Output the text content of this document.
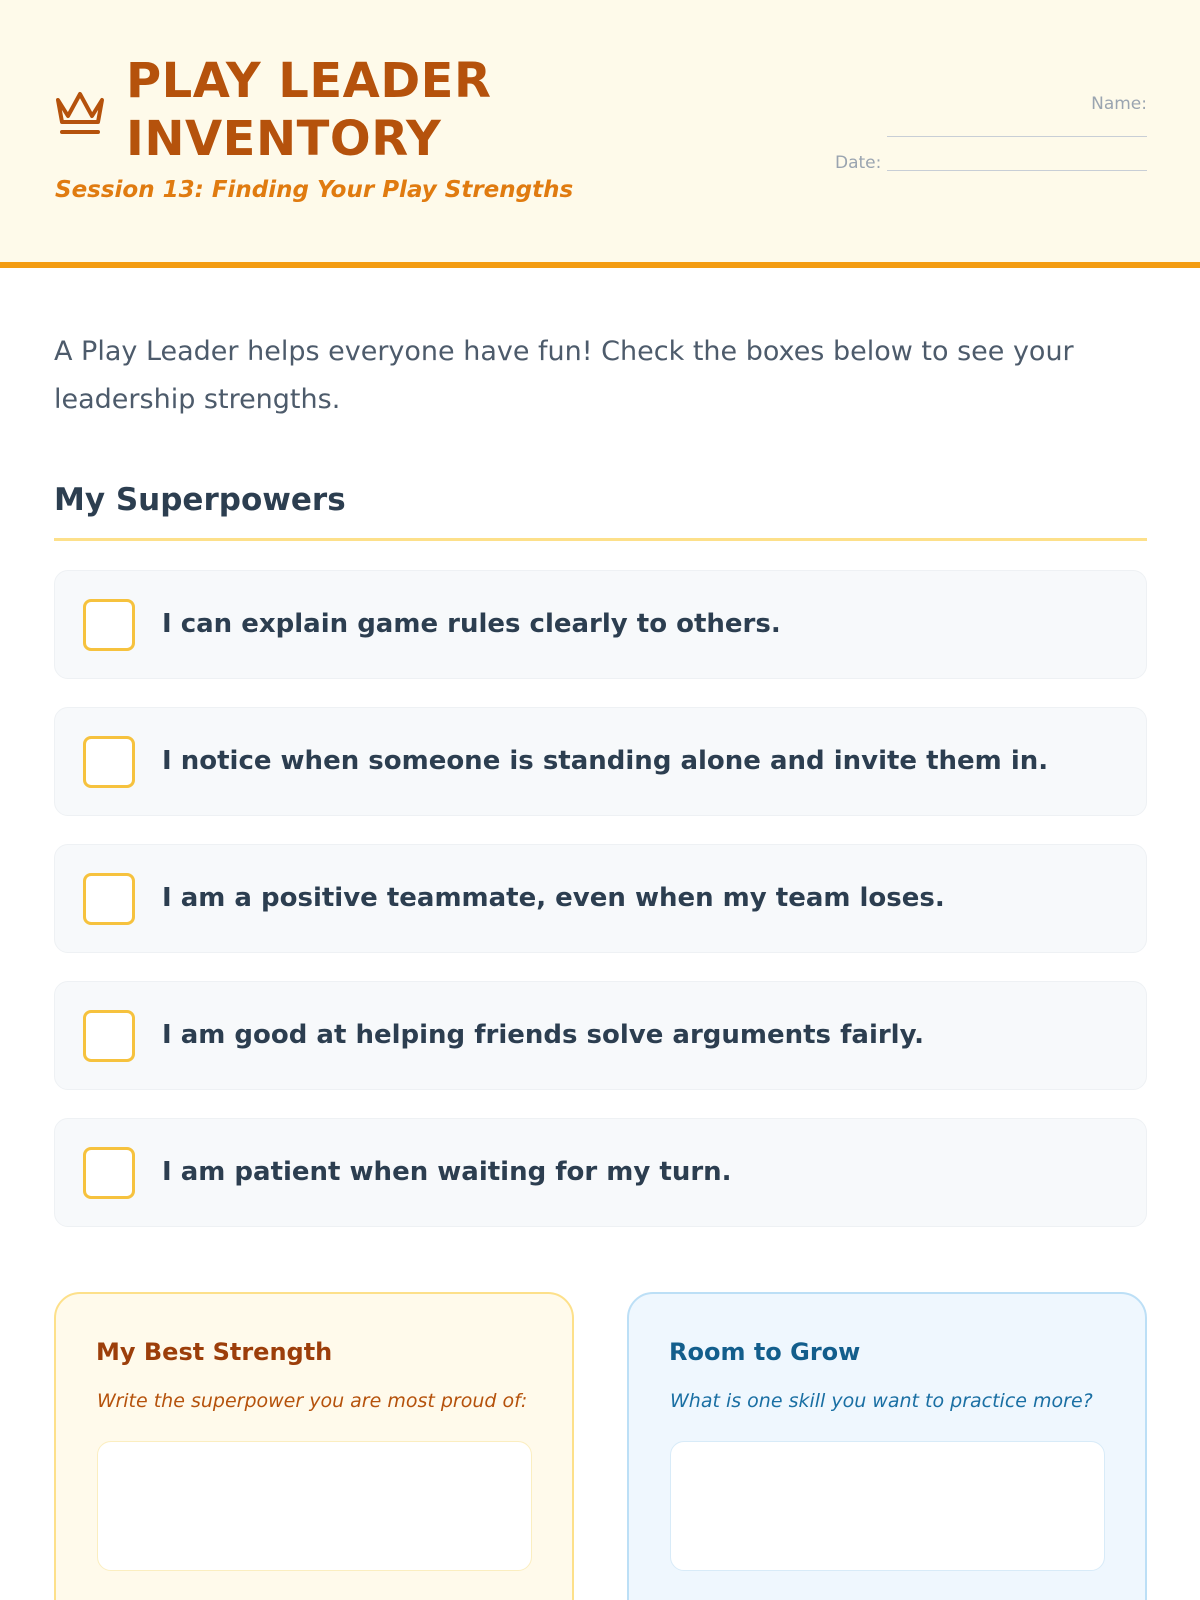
PLAY LEADER
INVENTORY
Session 13: Finding Your Play Strengths
Name:
Date:

A Play Leader helps everyone have fun! Check the boxes below to see your leadership strengths.

My Superpowers
I can explain game rules clearly to others.
I notice when someone is standing alone and invite them in.
I am a positive teammate, even when my team loses.
I am good at helping friends solve arguments fairly.
I am patient when waiting for my turn.
My Best Strength
Write the superpower you are most proud of:
Room to Grow
What is one skill you want to practice more?
